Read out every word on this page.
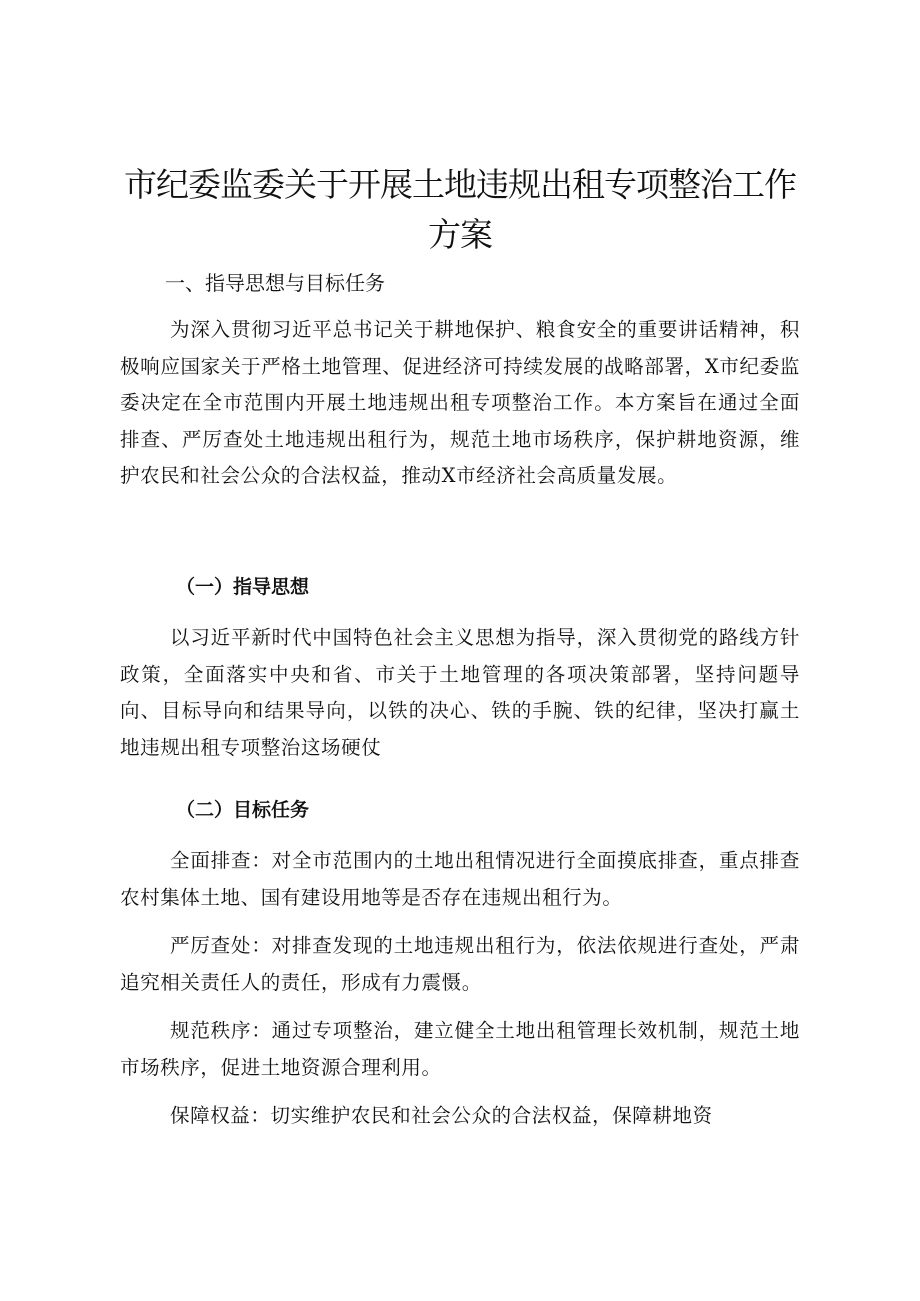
市纪委监委关于开展土地违规出租专项整治工作方案
一、指导思想与目标任务

为深入贯彻习近平总书记关于耕地保护、粮食安全的重要讲话精神，积极响应国家关于严格土地管理、促进经济可持续发展的战略部署，X市纪委监委决定在全市范围内开展土地违规出租专项整治工作。本方案旨在通过全面排查、严厉查处土地违规出租行为，规范土地市场秩序，保护耕地资源，维护农民和社会公众的合法权益，推动X市经济社会高质量发展。

（一）指导思想

以习近平新时代中国特色社会主义思想为指导，深入贯彻党的路线方针政策，全面落实中央和省、市关于土地管理的各项决策部署，坚持问题导向、目标导向和结果导向，以铁的决心、铁的手腕、铁的纪律，坚决打赢土地违规出租专项整治这场硬仗

（二）目标任务

全面排查：对全市范围内的土地出租情况进行全面摸底排查，重点排查农村集体土地、国有建设用地等是否存在违规出租行为。

严厉查处：对排查发现的土地违规出租行为，依法依规进行查处，严肃追究相关责任人的责任，形成有力震慑。

规范秩序：通过专项整治，建立健全土地出租管理长效机制，规范土地市场秩序，促进土地资源合理利用。

保障权益：切实维护农民和社会公众的合法权益，保障耕地资
